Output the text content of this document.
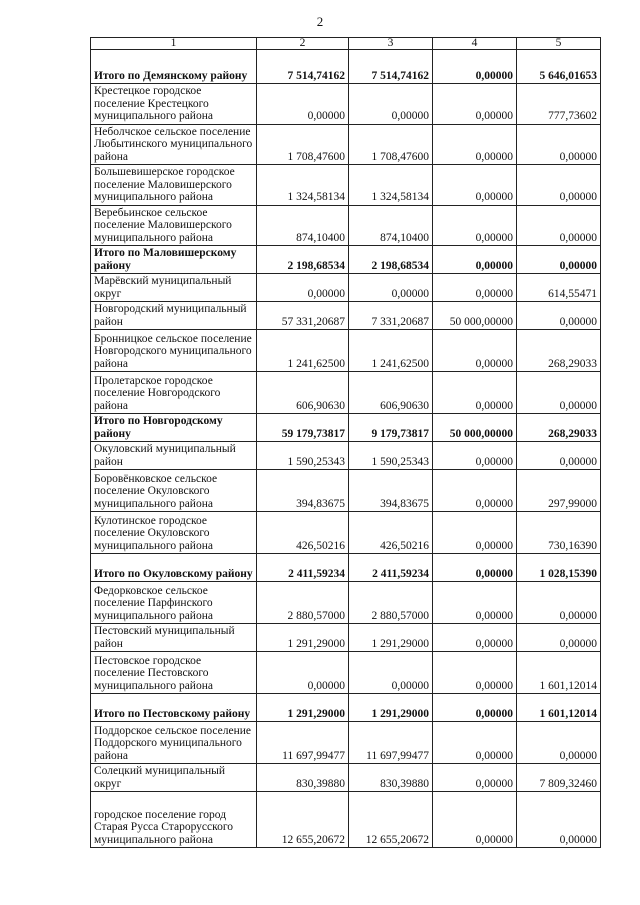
2
1	2	3	4	5
Итого по Демянскому району	7 514,74162	7 514,74162	0,00000	5 646,01653
Крестецкое городское поселение Крестецкого муниципального района	0,00000	0,00000	0,00000	777,73602
Неболчское сельское поселение Любытинского муниципального района	1 708,47600	1 708,47600	0,00000	0,00000
Большевишерское городское поселение Маловишерского муниципального района	1 324,58134	1 324,58134	0,00000	0,00000
Веребьинское сельское поселение Маловишерского муниципального района	874,10400	874,10400	0,00000	0,00000
Итого по Маловишерскому району	2 198,68534	2 198,68534	0,00000	0,00000
Марёвский муниципальный округ	0,00000	0,00000	0,00000	614,55471
Новгородский муниципальный район	57 331,20687	7 331,20687	50 000,00000	0,00000
Бронницкое сельское поселение Новгородского муниципального района	1 241,62500	1 241,62500	0,00000	268,29033
Пролетарское городское поселение Новгородского района	606,90630	606,90630	0,00000	0,00000
Итого по Новгородскому району	59 179,73817	9 179,73817	50 000,00000	268,29033
Окуловский муниципальный район	1 590,25343	1 590,25343	0,00000	0,00000
Боровёнковское сельское поселение Окуловского муниципального района	394,83675	394,83675	0,00000	297,99000
Кулотинское городское поселение Окуловского муниципального района	426,50216	426,50216	0,00000	730,16390
Итого по Окуловскому району	2 411,59234	2 411,59234	0,00000	1 028,15390
Федорковское сельское поселение Парфинского муниципального района	2 880,57000	2 880,57000	0,00000	0,00000
Пестовский муниципальный район	1 291,29000	1 291,29000	0,00000	0,00000
Пестовское городское поселение Пестовского муниципального района	0,00000	0,00000	0,00000	1 601,12014
Итого по Пестовскому району	1 291,29000	1 291,29000	0,00000	1 601,12014
Поддорское сельское поселение Поддорского муниципального района	11 697,99477	11 697,99477	0,00000	0,00000
Солецкий муниципальный округ	830,39880	830,39880	0,00000	7 809,32460
городское поселение город Старая Русса Старорусского муниципального района	12 655,20672	12 655,20672	0,00000	0,00000
